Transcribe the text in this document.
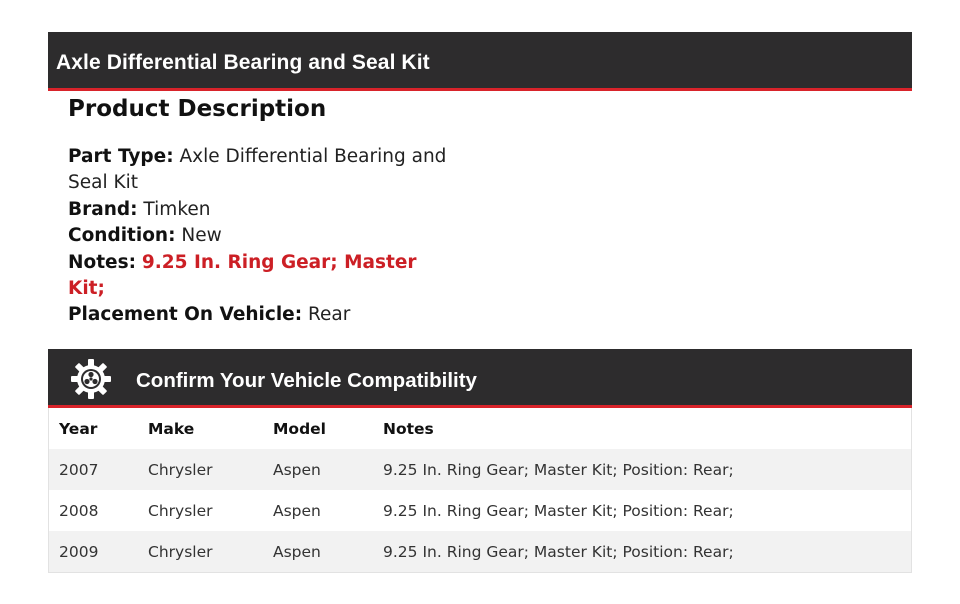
Axle Differential Bearing and Seal Kit
Product Description
Part Type: Axle Differential Bearing and Seal Kit
Brand: Timken
Condition: New
Notes: 9.25 In. Ring Gear; Master Kit;
Placement On Vehicle: Rear
Confirm Your Vehicle Compatibility
Year	Make	Model	Notes
2007	Chrysler	Aspen	9.25 In. Ring Gear; Master Kit; Position: Rear;
2008	Chrysler	Aspen	9.25 In. Ring Gear; Master Kit; Position: Rear;
2009	Chrysler	Aspen	9.25 In. Ring Gear; Master Kit; Position: Rear;
